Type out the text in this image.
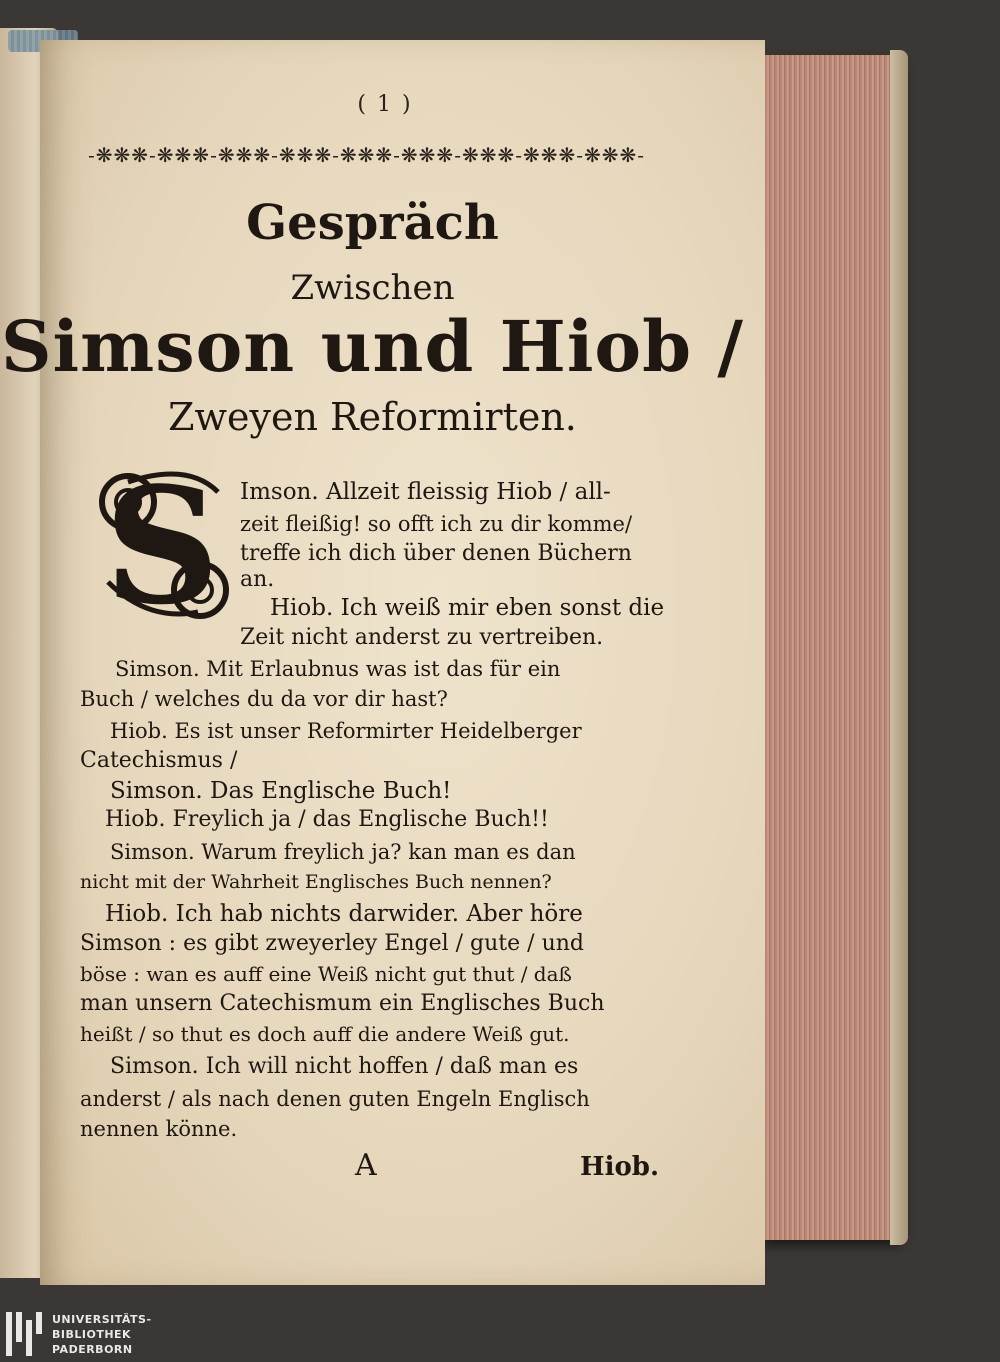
( 1 )
-❋❋❋-❋❋❋-❋❋❋-❋❋❋-❋❋❋-❋❋❋-❋❋❋-❋❋❋-❋❋❋-
Gespräch
Zwischen
Simson und Hiob /
Zweyen Reformirten.
S Imson. Allzeit fleissig Hiob / all-
zeit fleißig! so offt ich zu dir komme/
treffe ich dich über denen Büchern
an.
Hiob. Ich weiß mir eben sonst die
Zeit nicht anderst zu vertreiben.
Simson. Mit Erlaubnus was ist das für ein
Buch / welches du da vor dir hast?
Hiob. Es ist unser Reformirter Heidelberger
Catechismus /
Simson. Das Englische Buch!
Hiob. Freylich ja / das Englische Buch!!
Simson. Warum freylich ja? kan man es dan
nicht mit der Wahrheit Englisches Buch nennen?
Hiob. Ich hab nichts darwider. Aber höre
Simson : es gibt zweyerley Engel / gute / und
böse : wan es auff eine Weiß nicht gut thut / daß
man unsern Catechismum ein Englisches Buch
heißt / so thut es doch auff die andere Weiß gut.
Simson. Ich will nicht hoffen / daß man es
anderst / als nach denen guten Engeln Englisch
nennen könne.
A	Hiob.
UNIVERSITÄTS-
BIBLIOTHEK
PADERBORN
